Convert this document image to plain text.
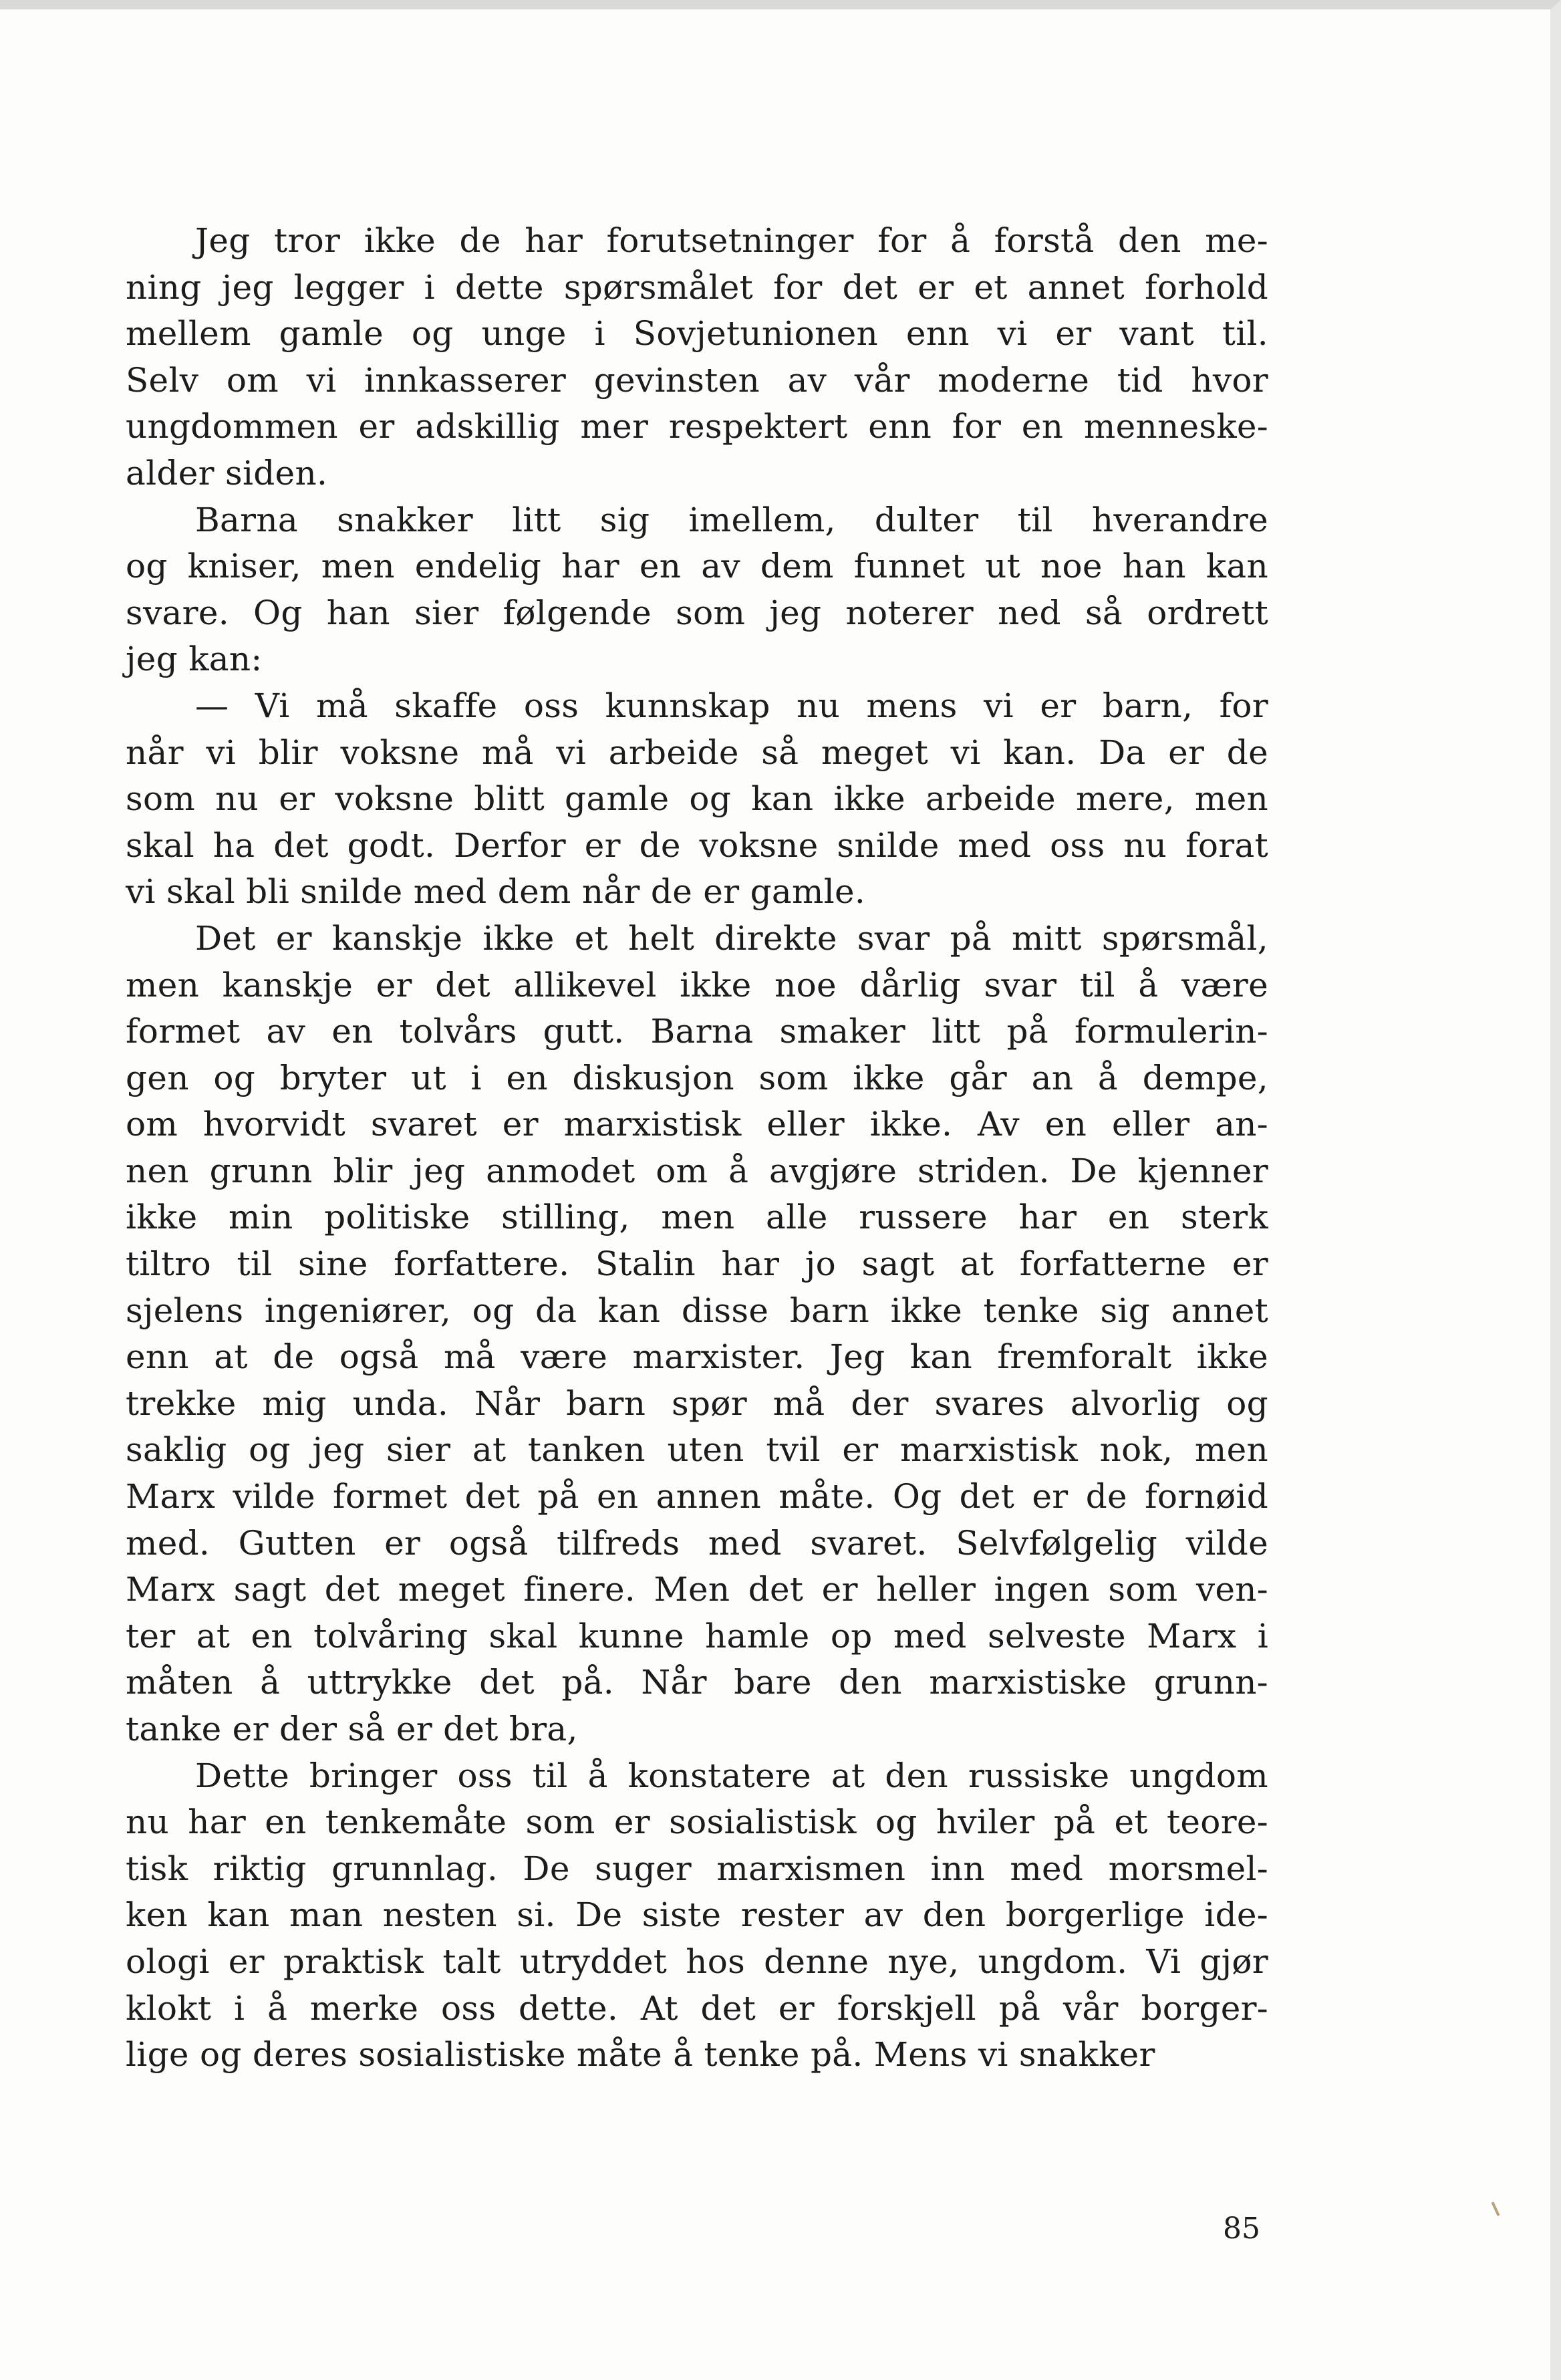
Jeg tror ikke de har forutsetninger for å forstå den me-
ning jeg legger i dette spørsmålet for det er et annet forhold
mellem gamle og unge i Sovjetunionen enn vi er vant til.
Selv om vi innkasserer gevinsten av vår moderne tid hvor
ungdommen er adskillig mer respektert enn for en menneske-
alder siden.

Barna snakker litt sig imellem, dulter til hverandre
og kniser, men endelig har en av dem funnet ut noe han kan
svare. Og han sier følgende som jeg noterer ned så ordrett
jeg kan:

— Vi må skaffe oss kunnskap nu mens vi er barn, for
når vi blir voksne må vi arbeide så meget vi kan. Da er de
som nu er voksne blitt gamle og kan ikke arbeide mere, men
skal ha det godt. Derfor er de voksne snilde med oss nu forat
vi skal bli snilde med dem når de er gamle.

Det er kanskje ikke et helt direkte svar på mitt spørsmål,
men kanskje er det allikevel ikke noe dårlig svar til å være
formet av en tolvårs gutt. Barna smaker litt på formulerin-
gen og bryter ut i en diskusjon som ikke går an å dempe,
om hvorvidt svaret er marxistisk eller ikke. Av en eller an-
nen grunn blir jeg anmodet om å avgjøre striden. De kjenner
ikke min politiske stilling, men alle russere har en sterk
tiltro til sine forfattere. Stalin har jo sagt at forfatterne er
sjelens ingeniører, og da kan disse barn ikke tenke sig annet
enn at de også må være marxister. Jeg kan fremforalt ikke
trekke mig unda. Når barn spør må der svares alvorlig og
saklig og jeg sier at tanken uten tvil er marxistisk nok, men
Marx vilde formet det på en annen måte. Og det er de fornøid
med. Gutten er også tilfreds med svaret. Selvfølgelig vilde
Marx sagt det meget finere. Men det er heller ingen som ven-
ter at en tolvåring skal kunne hamle op med selveste Marx i
måten å uttrykke det på. Når bare den marxistiske grunn-
tanke er der så er det bra,

Dette bringer oss til å konstatere at den russiske ungdom
nu har en tenkemåte som er sosialistisk og hviler på et teore-
tisk riktig grunnlag. De suger marxismen inn med morsmel-
ken kan man nesten si. De siste rester av den borgerlige ide-
ologi er praktisk talt utryddet hos denne nye, ungdom. Vi gjør
klokt i å merke oss dette. At det er forskjell på vår borger-
lige og deres sosialistiske måte å tenke på. Mens vi snakker

85
